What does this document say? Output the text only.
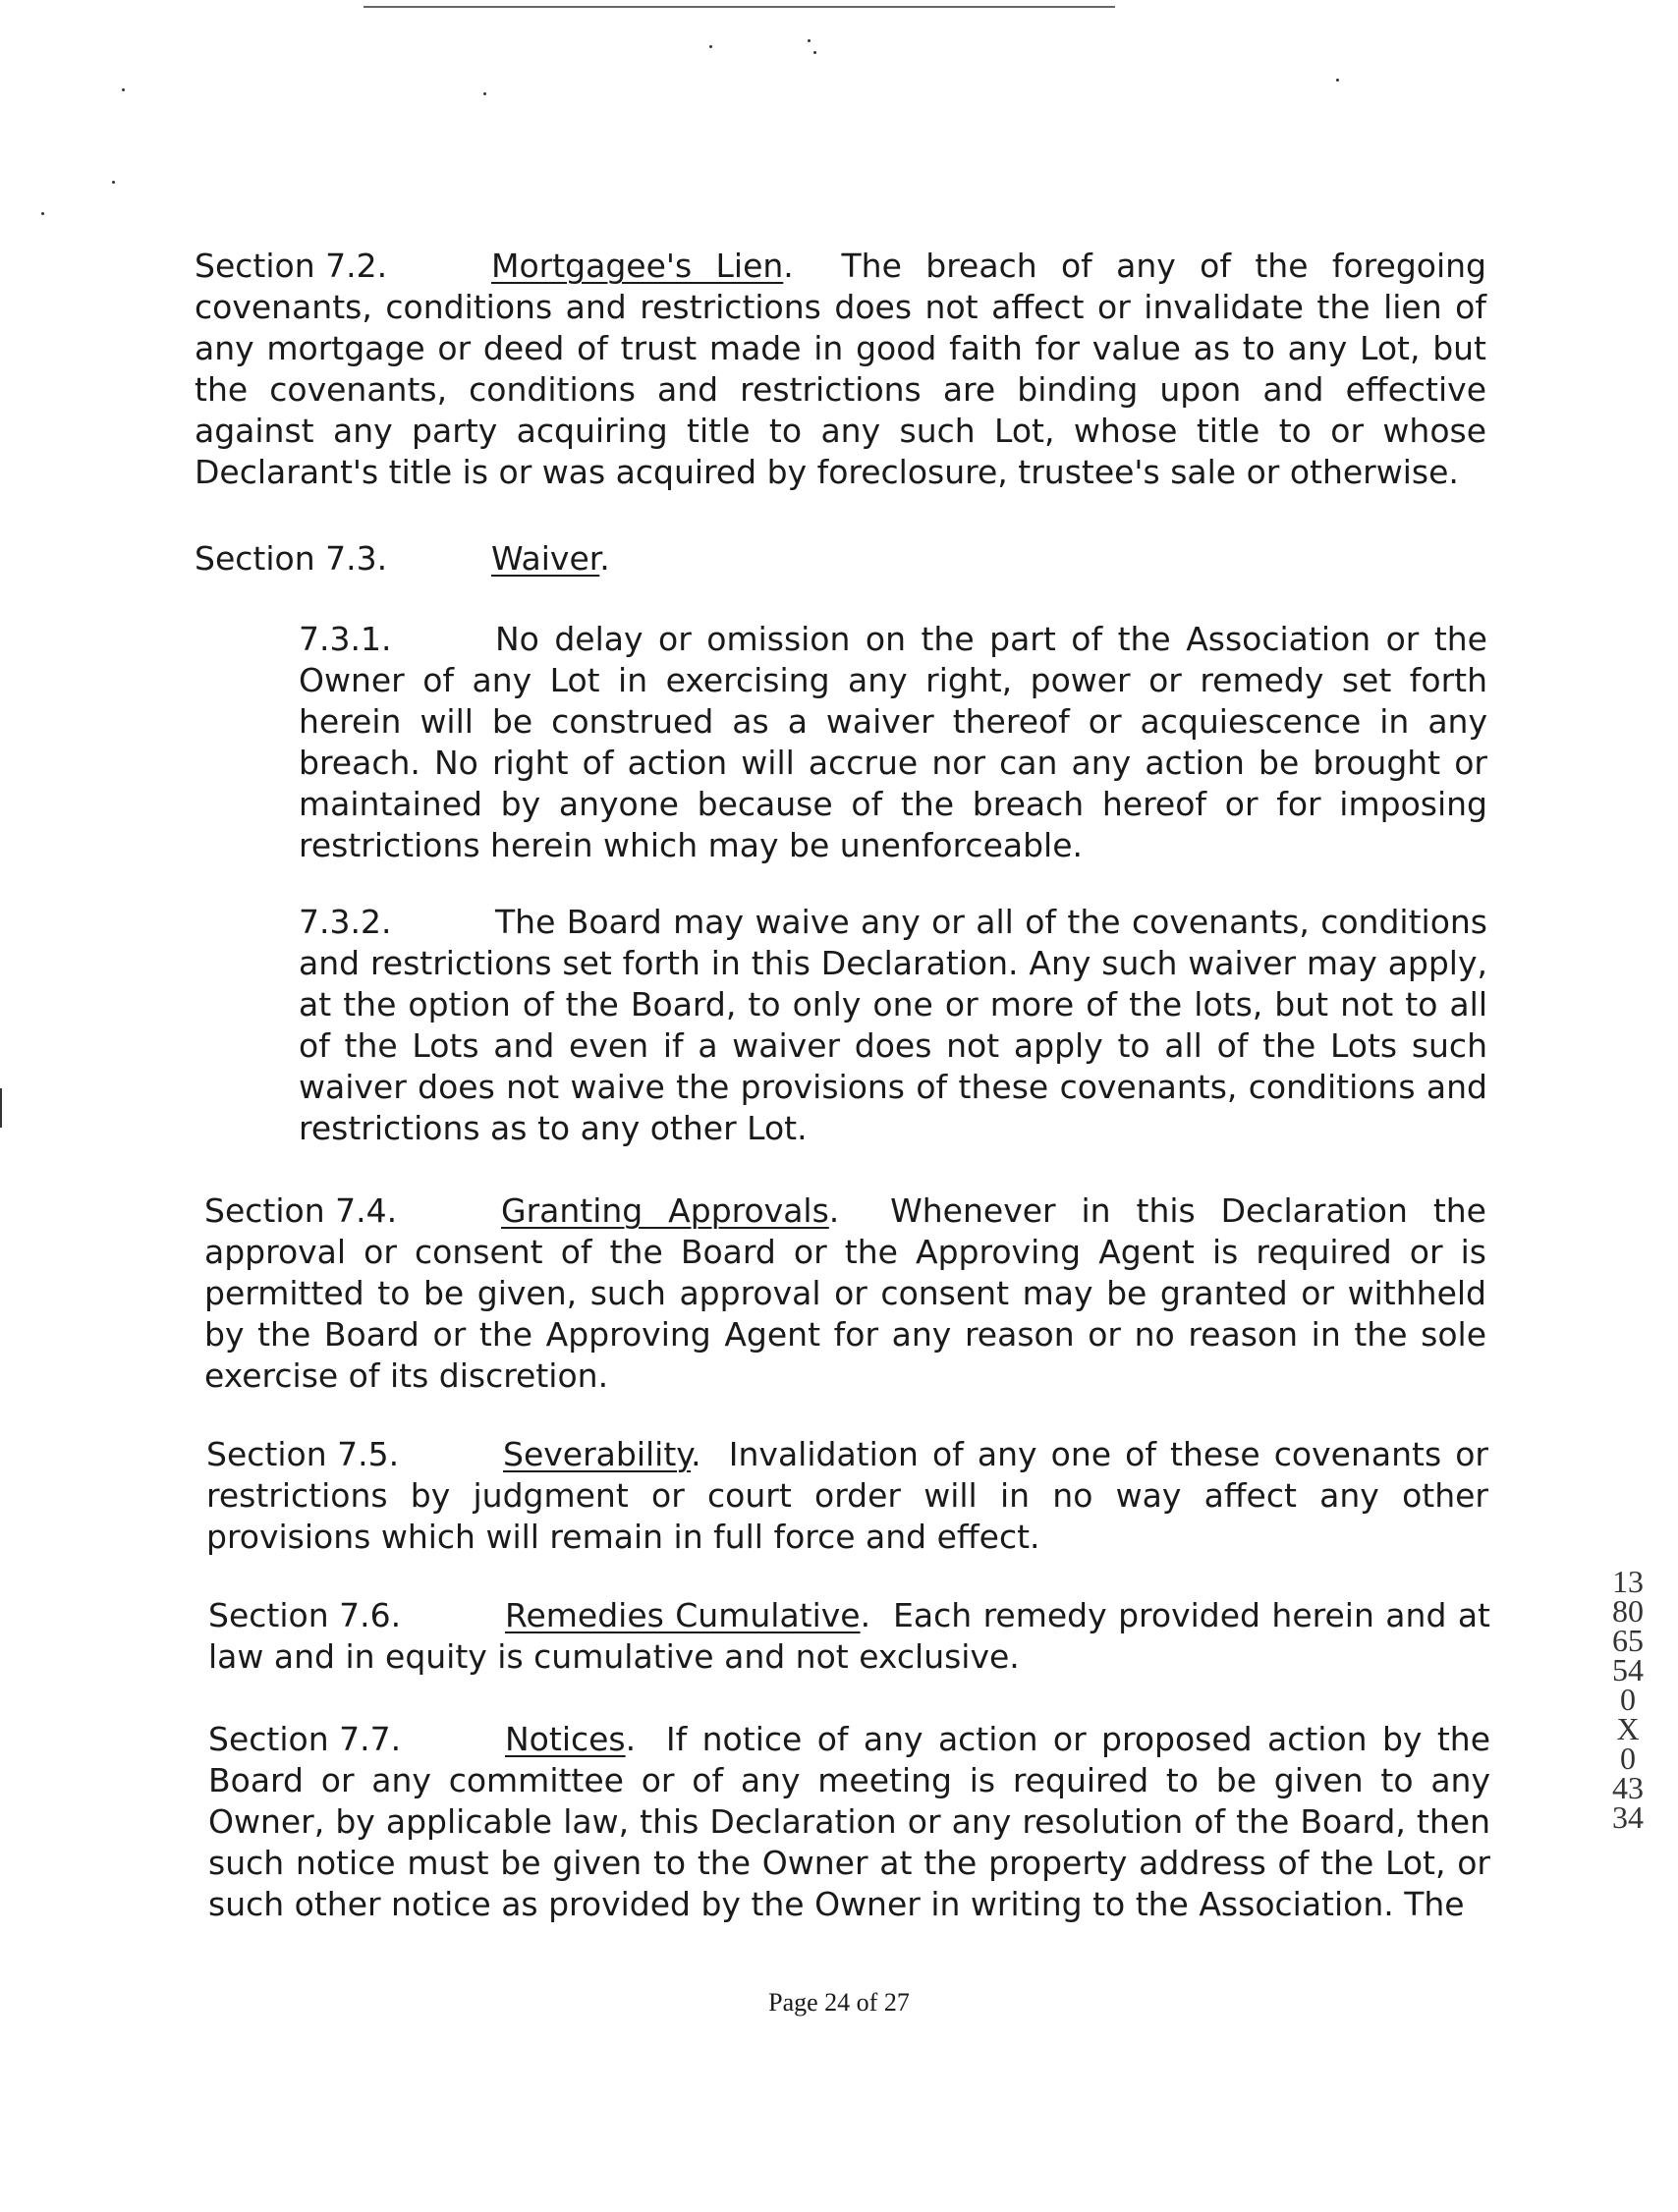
Section 7.2.	Mortgagee's Lien.  The breach of any of the foregoing covenants, conditions and restrictions does not affect or invalidate the lien of any mortgage or deed of trust made in good faith for value as to any Lot, but the covenants, conditions and restrictions are binding upon and effective against any party acquiring title to any such Lot, whose title to or whose Declarant's title is or was acquired by foreclosure, trustee's sale or otherwise.

Section 7.3.	Waiver.

7.3.1.	No delay or omission on the part of the Association or the Owner of any Lot in exercising any right, power or remedy set forth herein will be construed as a waiver thereof or acquiescence in any breach. No right of action will accrue nor can any action be brought or maintained by anyone because of the breach hereof or for imposing restrictions herein which may be unenforceable.

7.3.2.	The Board may waive any or all of the covenants, conditions and restrictions set forth in this Declaration. Any such waiver may apply, at the option of the Board, to only one or more of the lots, but not to all of the Lots and even if a waiver does not apply to all of the Lots such waiver does not waive the provisions of these covenants, conditions and restrictions as to any other Lot.

Section 7.4.	Granting Approvals.  Whenever in this Declaration the approval or consent of the Board or the Approving Agent is required or is permitted to be given, such approval or consent may be granted or withheld by the Board or the Approving Agent for any reason or no reason in the sole exercise of its discretion.

Section 7.5.	Severability.  Invalidation of any one of these covenants or restrictions by judgment or court order will in no way affect any other provisions which will remain in full force and effect.

Section 7.6.	Remedies Cumulative.  Each remedy provided herein and at law and in equity is cumulative and not exclusive.

Section 7.7.	Notices.  If notice of any action or proposed action by the Board or any committee or of any meeting is required to be given to any Owner, by applicable law, this Declaration or any resolution of the Board, then such notice must be given to the Owner at the property address of the Lot, or such other notice as provided by the Owner in writing to the Association. The

1380 6554 0X0 4334
Page 24 of 27
